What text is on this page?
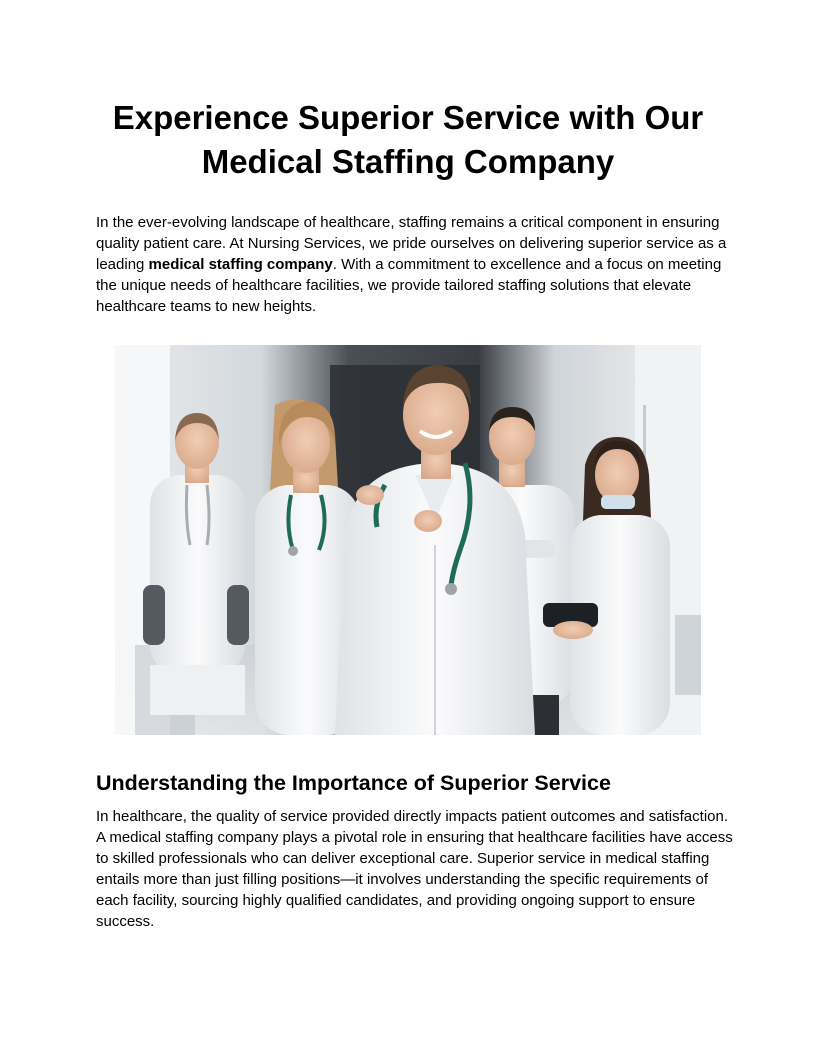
Experience Superior Service with Our Medical Staffing Company

In the ever-evolving landscape of healthcare, staffing remains a critical component in ensuring quality patient care. At Nursing Services, we pride ourselves on delivering superior service as a leading medical staffing company. With a commitment to excellence and a focus on meeting the unique needs of healthcare facilities, we provide tailored staffing solutions that elevate healthcare teams to new heights.

Understanding the Importance of Superior Service

In healthcare, the quality of service provided directly impacts patient outcomes and satisfaction. A medical staffing company plays a pivotal role in ensuring that healthcare facilities have access to skilled professionals who can deliver exceptional care. Superior service in medical staffing entails more than just filling positions—it involves understanding the specific requirements of each facility, sourcing highly qualified candidates, and providing ongoing support to ensure success.
